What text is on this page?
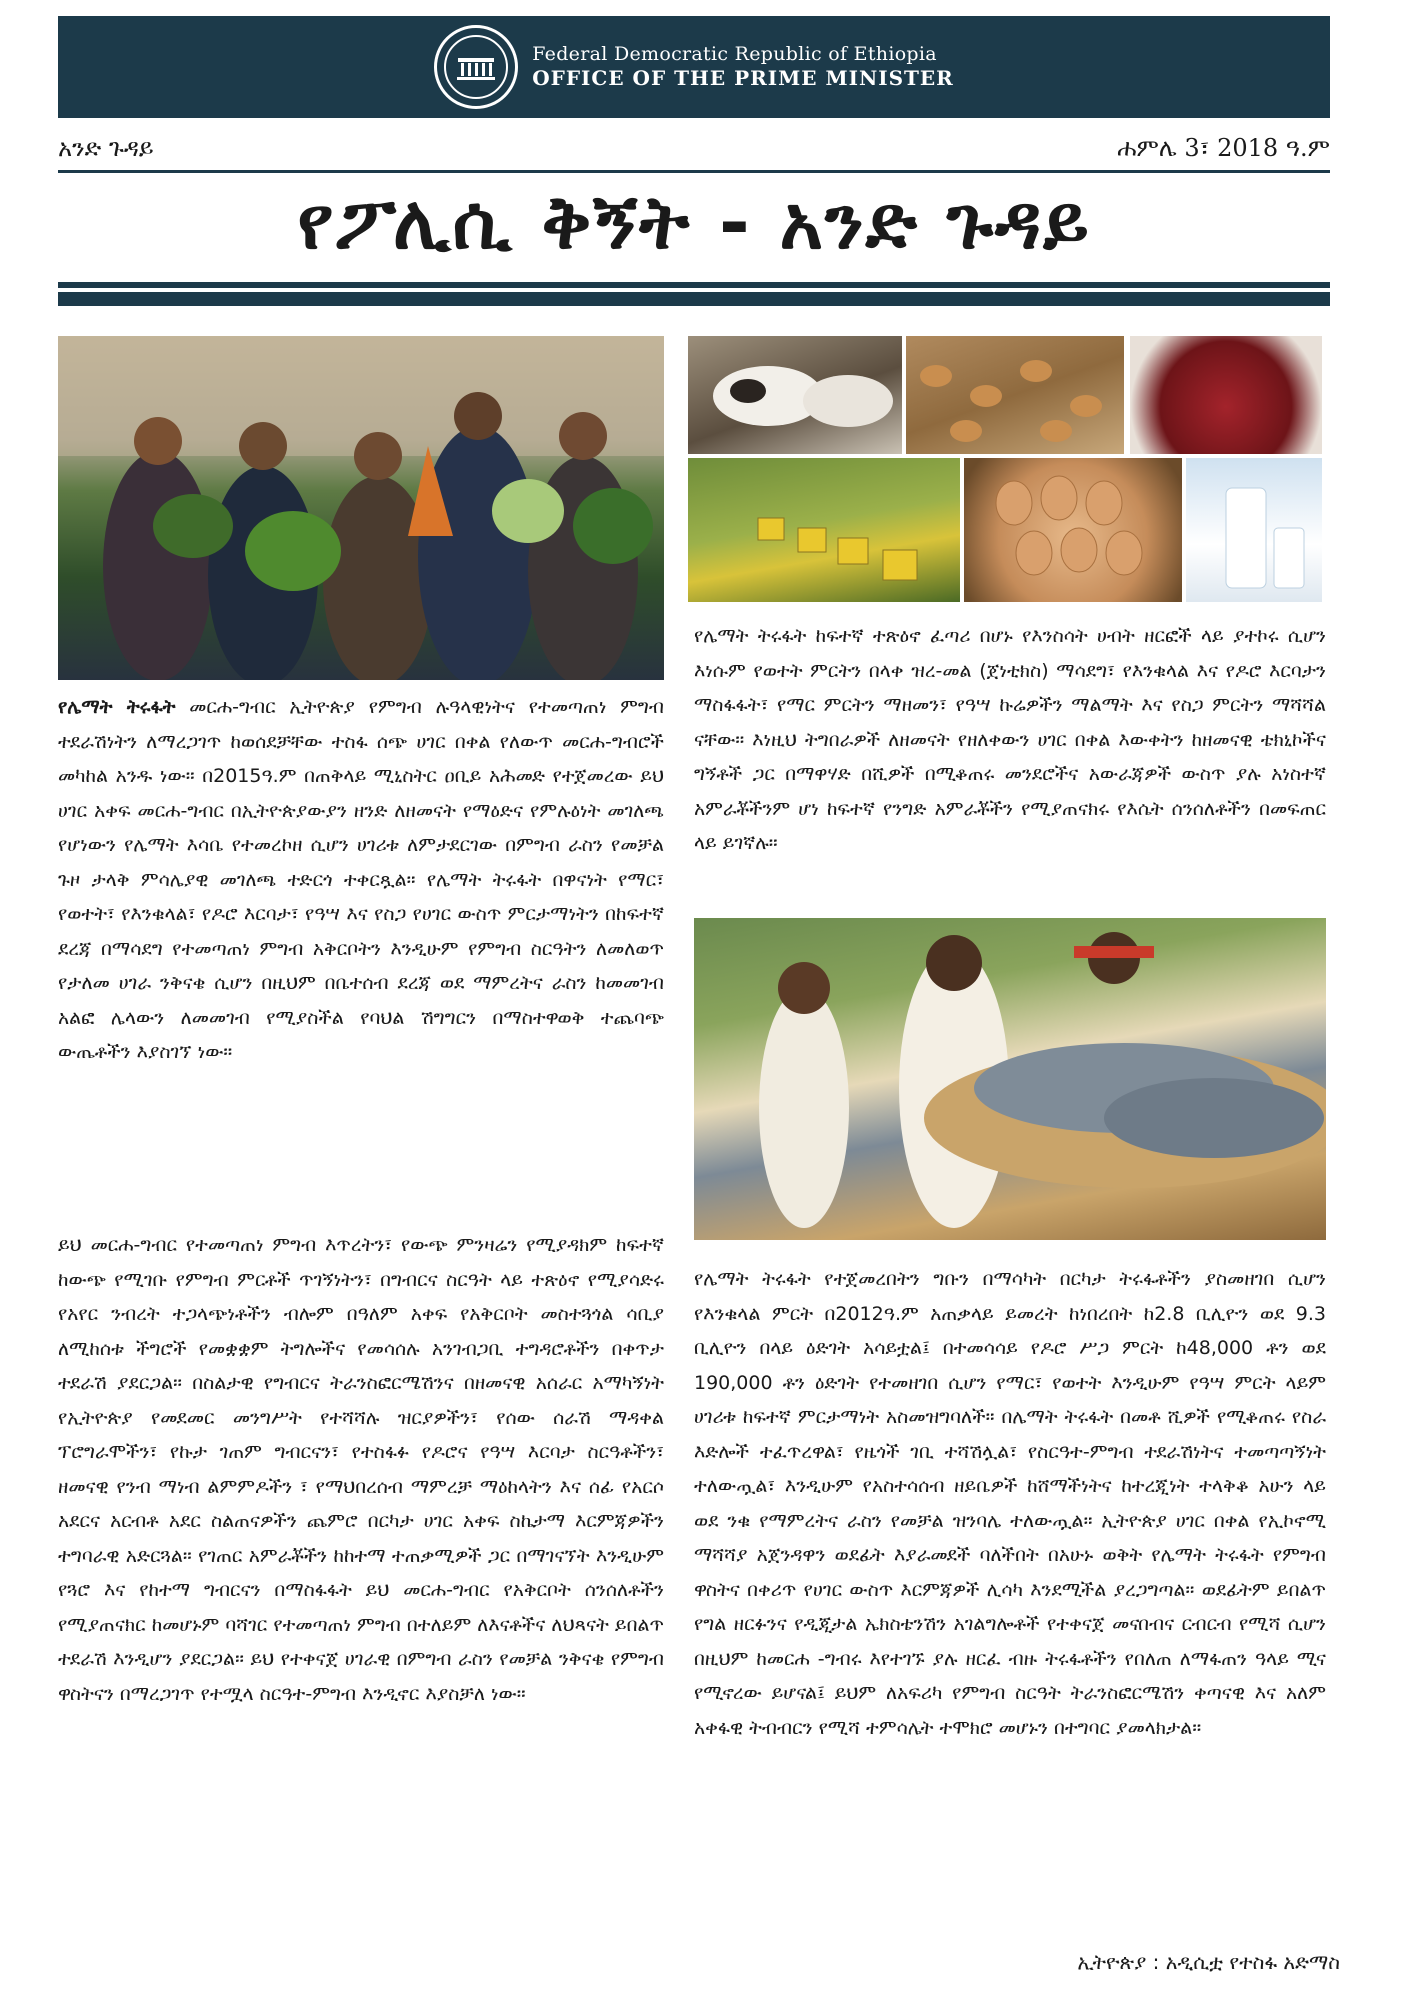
Federal Democratic Republic of Ethiopia
OFFICE OF THE PRIME MINISTER
አንድ ጉዳይ	ሐምሌ 3፣ 2018 ዓ.ም
የፖሊሲ ቅኝት - አንድ ጉዳይ
የሌማት ትሩፋት መርሐ-ግብር ኢትዮጵያ የምግብ ሉዓላዊነትና የተመጣጠነ ምግብ ተደራሽነትን ለማረጋገጥ ከወሰደቻቸው ተስፋ ሰጭ ሀገር በቀል የለውጥ መርሐ-ግብሮች መካከል አንዱ ነው። በ2015ዓ.ም በጠቅላይ ሚኒስትር ዐቢይ አሕመድ የተጀመረው ይህ ሀገር አቀፍ መርሐ-ግብር በኢትዮጵያውያን ዘንድ ለዘመናት የማዕድና የምሉዕነት መገለጫ የሆነውን የሌማት እሳቤ የተመረኮዘ ሲሆን ሀገሪቱ ለምታደርገው በምግብ ራስን የመቻል ጉዞ ታላቅ ምሳሌያዊ መገለጫ ተድርጎ ተቀርጿል። የሌማት ትሩፋት በዋናነት የማር፣ የወተት፣ የእንቁላል፣ የዶሮ እርባታ፣ የዓሣ እና የስጋ የሀገር ውስጥ ምርታማነትን በከፍተኛ ደረጃ በማሳደግ የተመጣጠነ ምግብ አቅርቦትን እንዲሁም የምግብ ስርዓትን ለመለወጥ የታለመ ሀገራ ንቅናቄ ሲሆን በዚህም በቤተሰብ ደረጃ ወደ ማምረትና ራስን ከመመገብ አልፎ ሌላውን ለመመገብ የሚያስችል የባህል ሽግግርን በማስተዋወቅ ተጨባጭ ውጤቶችን እያስገኘ ነው።
ይህ መርሐ-ግብር የተመጣጠነ ምግብ እጥረትን፣ የውጭ ምንዛሬን የሚያዳክም ከፍተኛ ከውጭ የሚገቡ የምግብ ምርቶች ጥገኝነትን፣ በግብርና ስርዓት ላይ ተጽዕኖ የሚያሳድሩ የአየር ንብረት ተጋላጭነቶችን ብሎም በዓለም አቀፍ የአቅርቦት መስተጓጎል ሳቢያ ለሚከሰቱ ችግሮች የመቋቋም ትግሎችና የመሳሰሉ አንገብጋቢ ተግዳሮቶችን በቀጥታ ተደራሽ ያደርጋል። በስልታዊ የግብርና ትራንስፎርሜሽንና በዘመናዊ አሰራር አማካኝነት የኢትዮጵያ የመደመር መንግሥት የተሻሻሉ ዝርያዎችን፣ የሰው ሰራሽ ማዳቀል ፕሮግራሞችን፣ የኩታ ገጠም ግብርናን፣ የተስፋፉ የዶሮና የዓሣ እርባታ ስርዓቶችን፣ ዘመናዊ የንብ ማነብ ልምምዶችን ፣ የማህበረሰብ ማምረቻ ማዕከላትን እና ሰፊ የአርሶ አደርና አርብቶ አደር ስልጠናዎችን ጨምሮ በርካታ ሀገር አቀፍ ስኬታማ እርምጃዎችን ተግባራዊ አድርጓል። የገጠር አምራቾችን ከከተማ ተጠቃሚዎች ጋር በማገናኘት እንዲሁም የጓሮ እና የከተማ ግብርናን በማስፋፋት ይህ መርሐ-ግብር የአቅርቦት ሰንሰለቶችን የሚያጠናክር ከመሆኑም ባሻገር የተመጣጠነ ምግብ በተለይም ለእናቶችና ለህጻናት ይበልጥ ተደራሽ እንዲሆን ያደርጋል። ይህ የተቀናጀ ሀገራዊ በምግብ ራስን የመቻል ንቅናቄ የምግብ ዋስትናን በማረጋገጥ የተሟላ ስርዓተ-ምግብ እንዲኖር እያስቻለ ነው።
የሌማት ትሩፋት ከፍተኛ ተጽዕኖ ፈጣሪ በሆኑ የእንስሳት ሀብት ዘርፎች ላይ ያተኮሩ ሲሆን እነሱም የወተት ምርትን በላቀ ዝረ-መል (ጀነቲክስ) ማሳደግ፣ የእንቁላል እና የዶሮ እርባታን ማስፋፋት፣ የማር ምርትን ማዘመን፣ የዓሣ ኩሬዎችን ማልማት እና የስጋ ምርትን ማሻሻል ናቸው። እነዚህ ትግበራዎች ለዘመናት የዘለቀውን ሀገር በቀል እውቀትን ከዘመናዊ ቴክኒኮችና ግኝቶች ጋር በማዋሃድ በሺዎች በሚቆጠሩ መንደሮችና አውራጃዎች ውስጥ ያሉ አነስተኛ አምራቾችንም ሆነ ከፍተኛ የንግድ አምራቾችን የሚያጠናክሩ የእሴት ሰንሰለቶችን በመፍጠር ላይ ይገኛሉ።
የሌማት ትሩፋት የተጀመረበትን ግቡን በማሳካት በርካታ ትሩፋቶችን ያስመዘገበ ሲሆን የእንቁላል ምርት በ2012ዓ.ም አጠቃላይ ይመረት ከነበረበት ከ2.8 ቢሊዮን ወደ 9.3 ቢሊዮን በላይ ዕድገት አሳይቷል፤ በተመሳሳይ የዶሮ ሥጋ ምርት ከ48,000 ቶን ወደ 190,000 ቶን ዕድገት የተመዘገበ ሲሆን የማር፣ የወተት እንዲሁም የዓሣ ምርት ላይም ሀገሪቱ ከፍተኛ ምርታማነት አስመዝግባለች። በሌማት ትሩፋት በመቶ ሺዎች የሚቆጠሩ የስራ እድሎች ተፈጥረዋል፣ የዜጎች ገቢ ተሻሽሏል፣ የስርዓተ-ምግብ ተደራሽነትና ተመጣጣኝነት ተለውጧል፣ እንዲሁም የአስተሳሰብ ዘይቤዎች ከሸማችነትና ከተረጂነት ተላቅቆ አሁን ላይ ወደ ንቁ የማምረትና ራስን የመቻል ዝንባሌ ተለውጧል። ኢትዮጵያ ሀገር በቀል የኢኮኖሚ ማሻሻያ አጀንዳዋን ወደፊት እያራመደች ባለችበት በአሁኑ ወቅት የሌማት ትሩፋት የምግብ ዋስትና በቀሪጥ የሀገር ውስጥ እርምጃዎች ሊሳካ እንደሚችል ያረጋግጣል። ወደፊትም ይበልጥ የግል ዘርፉንና የዲጂታል ኤክስቴንሽን አገልግሎቶች የተቀናጀ መናበብና ርብርብ የሚሻ ሲሆን በዚህም ከመርሐ -ግብሩ እየተገኙ ያሉ ዘርፈ ብዙ ትሩፋቶችን የበለጠ ለማፋጠን ዓላይ ሚና የሚኖረው ይሆናል፤ ይህም ለአፍሪካ የምግብ ስርዓት ትራንስፎርሜሽን ቀጣናዊ እና አለም አቀፋዊ ትብብርን የሚሻ ተምሳሌት ተሞክሮ መሆኑን በተግባር ያመላክታል።
ኢትዮጵያ : አዲሲቷ የተስፋ አድማስ
